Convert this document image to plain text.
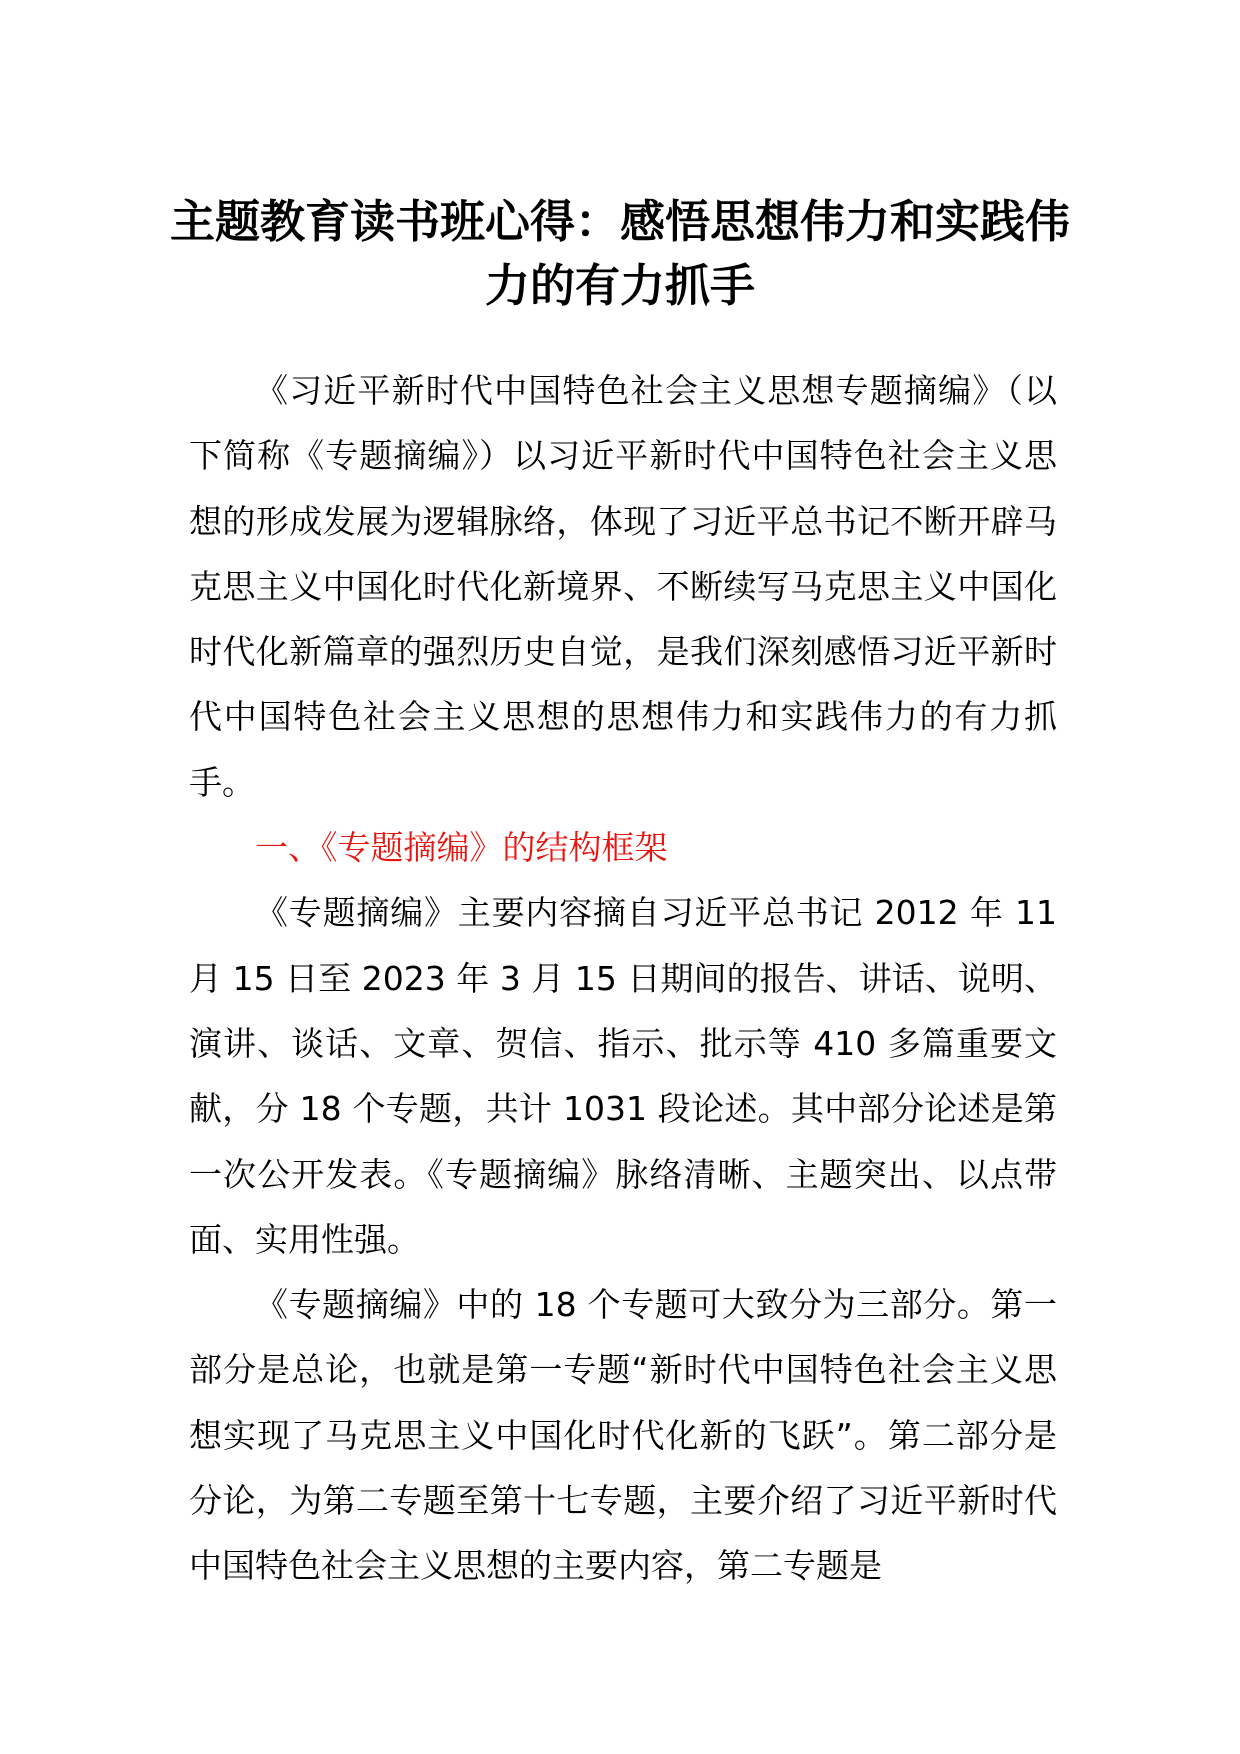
主题教育读书班心得：感悟思想伟力和实践伟力的有力抓手

《习近平新时代中国特色社会主义思想专题摘编》（以下简称《专题摘编》）以习近平新时代中国特色社会主义思想的形成发展为逻辑脉络，体现了习近平总书记不断开辟马克思主义中国化时代化新境界、不断续写马克思主义中国化时代化新篇章的强烈历史自觉，是我们深刻感悟习近平新时代中国特色社会主义思想的思想伟力和实践伟力的有力抓手。

一、《专题摘编》的结构框架

《专题摘编》主要内容摘自习近平总书记 2012 年 11 月 15 日至 2023 年 3 月 15 日期间的报告、讲话、说明、演讲、谈话、文章、贺信、指示、批示等 410 多篇重要文献，分 18 个专题，共计 1031 段论述。其中部分论述是第一次公开发表。《专题摘编》脉络清晰、主题突出、以点带面、实用性强。

《专题摘编》中的 18 个专题可大致分为三部分。第一部分是总论，也就是第一专题“新时代中国特色社会主义思想实现了马克思主义中国化时代化新的飞跃”。第二部分是分论，为第二专题至第十七专题，主要介绍了习近平新时代中国特色社会主义思想的主要内容，第二专题是
